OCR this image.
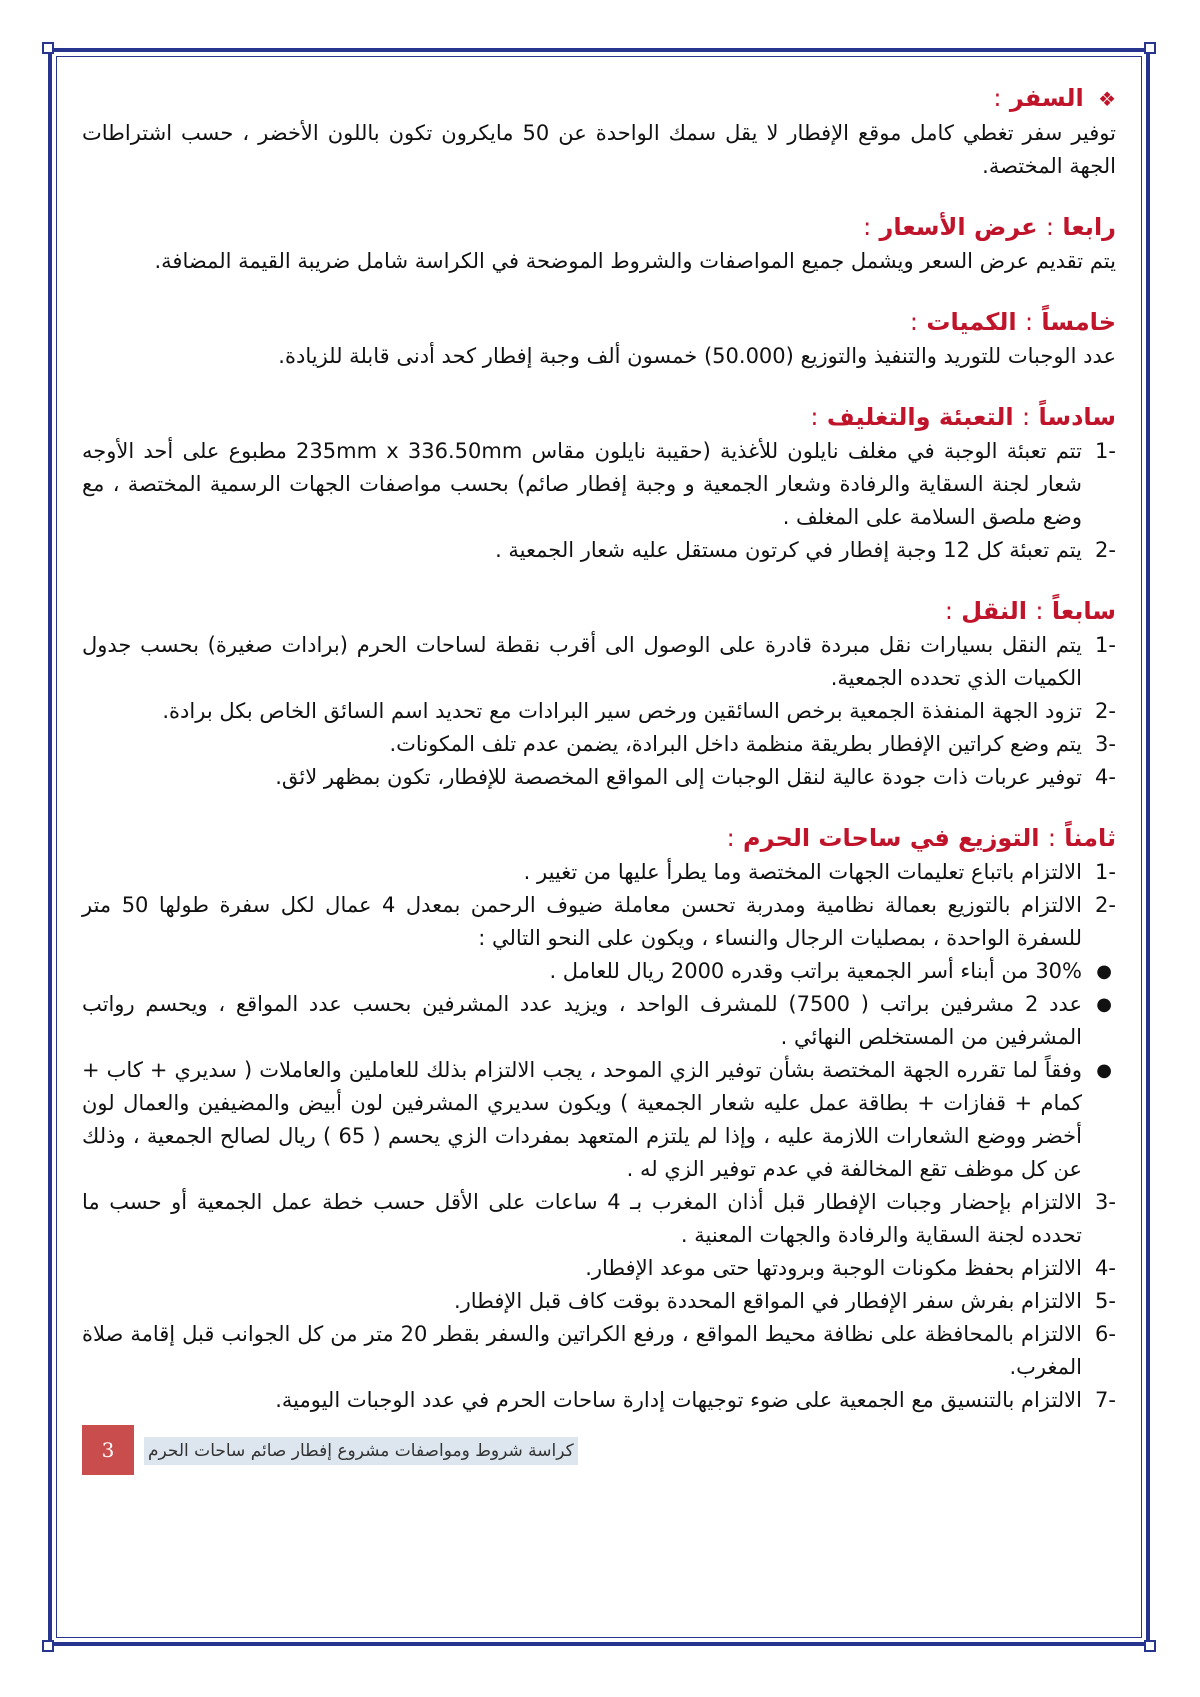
❖ السفر :

توفير سفر تغطي كامل موقع الإفطار لا يقل سمك الواحدة عن 50 مايكرون تكون باللون الأخضر ، حسب اشتراطات الجهة المختصة.

رابعا : عرض الأسعار :

يتم تقديم عرض السعر ويشمل جميع المواصفات والشروط الموضحة في الكراسة شامل ضريبة القيمة المضافة.

خامساً : الكميات :

عدد الوجبات للتوريد والتنفيذ والتوزيع (50.000) خمسون ألف وجبة إفطار كحد أدنى قابلة للزيادة.

سادساً : التعبئة والتغليف :

-1
تتم تعبئة الوجبة في مغلف نايلون للأغذية (حقيبة نايلون مقاس 235mm x 336.50mm مطبوع على أحد الأوجه شعار لجنة السقاية والرفادة وشعار الجمعية و وجبة إفطار صائم) بحسب مواصفات الجهات الرسمية المختصة ، مع وضع ملصق السلامة على المغلف .
-2
يتم تعبئة كل 12 وجبة إفطار في كرتون مستقل عليه شعار الجمعية .

سابعاً : النقل :

-1
يتم النقل بسيارات نقل مبردة قادرة على الوصول الى أقرب نقطة لساحات الحرم (برادات صغيرة) بحسب جدول الكميات الذي تحدده الجمعية.
-2
تزود الجهة المنفذة الجمعية برخص السائقين ورخص سير البرادات مع تحديد اسم السائق الخاص بكل برادة.
-3
يتم وضع كراتين الإفطار بطريقة منظمة داخل البرادة، يضمن عدم تلف المكونات.
-4
توفير عربات ذات جودة عالية لنقل الوجبات إلى المواقع المخصصة للإفطار، تكون بمظهر لائق.

ثامناً : التوزيع في ساحات الحرم :

-1
الالتزام باتباع تعليمات الجهات المختصة وما يطرأ عليها من تغيير .
-2
الالتزام بالتوزيع بعمالة نظامية ومدربة تحسن معاملة ضيوف الرحمن بمعدل 4 عمال لكل سفرة طولها 50 متر للسفرة الواحدة ، بمصليات الرجال والنساء ، ويكون على النحو التالي :
●
30% من أبناء أسر الجمعية براتب وقدره 2000 ريال للعامل .
●
عدد 2 مشرفين براتب ( 7500) للمشرف الواحد ، ويزيد عدد المشرفين بحسب عدد المواقع ، ويحسم رواتب المشرفين من المستخلص النهائي .
●
وفقاً لما تقرره الجهة المختصة بشأن توفير الزي الموحد ، يجب الالتزام بذلك للعاملين والعاملات ( سديري + كاب + كمام + قفازات + بطاقة عمل عليه شعار الجمعية ) ويكون سديري المشرفين لون أبيض والمضيفين والعمال لون أخضر ووضع الشعارات اللازمة عليه ، وإذا لم يلتزم المتعهد بمفردات الزي يحسم ( 65 ) ريال لصالح الجمعية ، وذلك عن كل موظف تقع المخالفة في عدم توفير الزي له .
-3
الالتزام بإحضار وجبات الإفطار قبل أذان المغرب بـ 4 ساعات على الأقل حسب خطة عمل الجمعية أو حسب ما تحدده لجنة السقاية والرفادة والجهات المعنية .
-4
الالتزام بحفظ مكونات الوجبة وبرودتها حتى موعد الإفطار.
-5
الالتزام بفرش سفر الإفطار في المواقع المحددة بوقت كاف قبل الإفطار.
-6
الالتزام بالمحافظة على نظافة محيط المواقع ، ورفع الكراتين والسفر بقطر 20 متر من كل الجوانب قبل إقامة صلاة المغرب.
-7
الالتزام بالتنسيق مع الجمعية على ضوء توجيهات إدارة ساحات الحرم في عدد الوجبات اليومية.
3 كراسة شروط ومواصفات مشروع إفطار صائم ساحات الحرم
